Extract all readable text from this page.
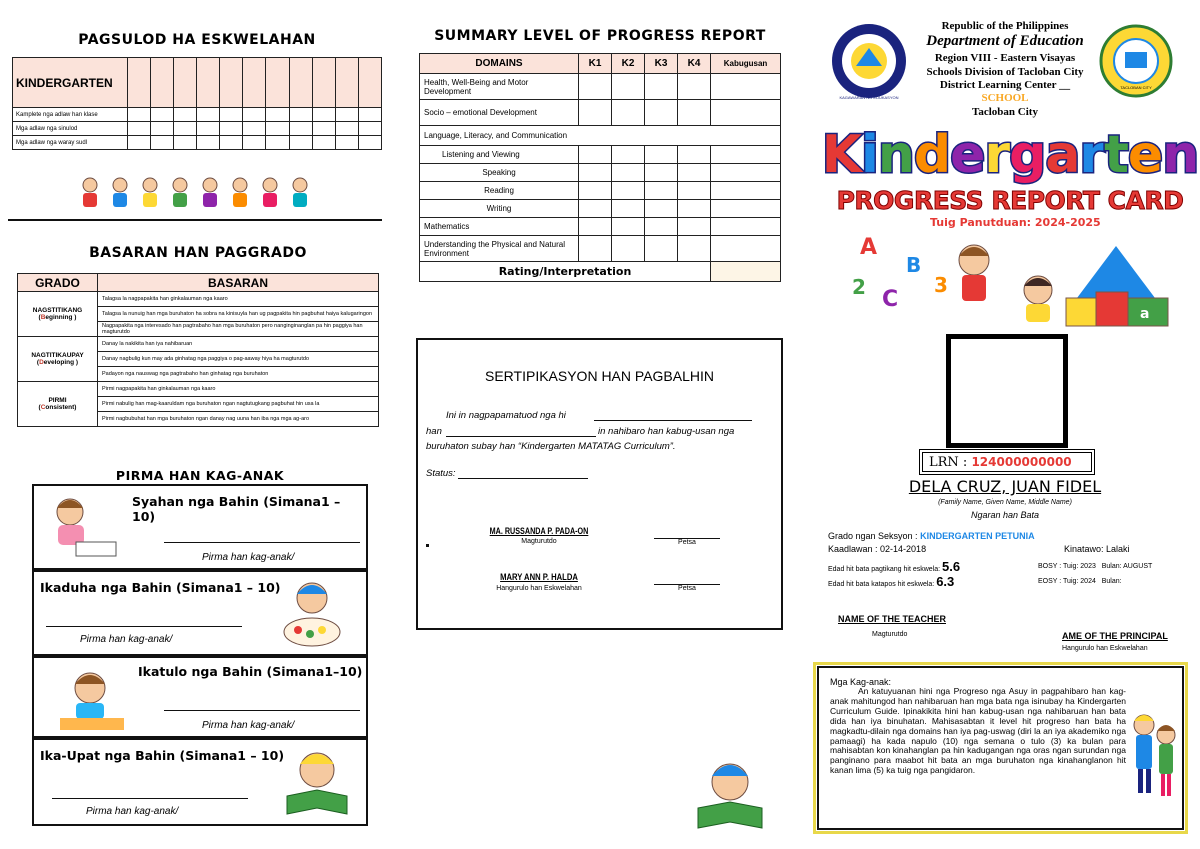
PAGSULOD HA ESKWELAHAN
KINDERGARTEN											
Kamplete nga adlaw han klase											
Mga adlaw nga sinulod											
Mga adlaw nga waray sudl											
BASARAN HAN PAGGRADO
GRADO	BASARAN

NAGSTITIKANG
(Beginning )	Talagsa la nagpapakita han ginkalauman nga kaaro
	Talagsa la nunuig han mga buruhaton ha sobra na kinisuyla han ug pagpakita hin pagbuhat haiya kalugaringon
	Nagpapakita nga interesado han pagtrabaho han mga buruhaton pero nanginginanglan pa hin paggiya han magturutdo

NAGTITIKAUPAY
(Developing )	Danay la nakikita han iya nahibaruan
	Danay nagbulig kun may ada ginhatag nga paggiya o pag-aaway hiya ha magturutdo
	Padayon nga nauswag nga pagtrabaho han ginhatag nga buruhaton

PIRMI
(Consistent)	Pirmi nagpapakita han ginkalauman nga kaaro
	Pirmi nabulig han mag-kaaruldam nga buruhaton ngan nagtutugkang pagbuhat hin usa la
	Pirmi nagbubuhat han mga buruhaton ngan danay nag uuna han iba nga mga ag-aro
PIRMA HAN KAG-ANAK
Syahan nga Bahin (Simana1 – 10)
Pirma han kag-anak/
Ikaduha nga Bahin (Simana1 – 10)
Pirma han kag-anak/
Ikatulo nga Bahin (Simana1–10)
Pirma han kag-anak/
Ika-Upat nga Bahin (Simana1 – 10)
Pirma han kag-anak/
SUMMARY LEVEL OF PROGRESS REPORT
DOMAINS	K1	K2	K3	K4	Kabugusan
Health, Well-Being and Motor Development					
Socio – emotional Development					
Language, Literacy, and Communication					
Listening and Viewing					
Speaking					
Reading					
Writing					
Mathematics					
Understanding the Physical and Natural Environment					
Rating/Interpretation					
SERTIPIKASYON HAN PAGBALHIN
Ini in nagpapamatuod nga hi
han	in nahibaro han kabug-usan nga
buruhaton subay han “Kindergarten MATATAG Curriculum”.
Status:
MA. RUSSANDA P. PADA-ON
Magturutdo	Petsa
MARY ANN P. HALDA
Hangurulo han Eskwelahan	Petsa
KAGAWARAN NG EDUKASYON
TACLOBAN CITY
Republic of the Philippines
Department of Education
Region VIII - Eastern Visayas
Schools Division of Tacloban City
District Learning Center __
SCHOOL
Tacloban City
Kindergarten
PROGRESS REPORT CARD
Tuig Panutduan: 2024-2025
A
B
2	3
C
a
LRN : 124000000000
DELA CRUZ, JUAN FIDEL
(Family Name, Given Name, Middle Name)
Ngaran han Bata
Grado ngan Seksyon : KINDERGARTEN PETUNIA
Kaadlawan : 02-14-2018	Kinatawo: Lalaki
Edad hit bata pagtikang hit eskwela: 5.6	BOSY : Tuig: 2023 Bulan: AUGUST
Edad hit bata katapos hit eskwela: 6.3	EOSY : Tuig: 2024 Bulan:
NAME OF THE TEACHER
Magturutdo	AME OF THE PRINCIPAL
Hangurulo han Eskwelahan
Mga Kag-anak:
An katuyuanan hini nga Progreso nga Asuy in pagpahibaro han kag-anak mahitungod han nahibaruan han mga bata nga isinubay ha Kindergarten Curriculum Guide. Ipinakikita hini han kabug-usan nga nahibaruan han bata dida han iya binuhatan. Mahisasabtan it level hit progreso han bata ha magkadtu-dilain nga domains han iya pag-uswag (diri la an iya akademiko nga pamaagi) ha kada napulo (10) nga semana o tulo (3) ka bulan para mahisabtan kon kinahanglan pa hin kadugangan nga oras ngan surundan nga panginano para maabot hit bata an mga buruhaton nga kinahanglanon hit kanan lima (5) ka tuig nga pangidaron.
